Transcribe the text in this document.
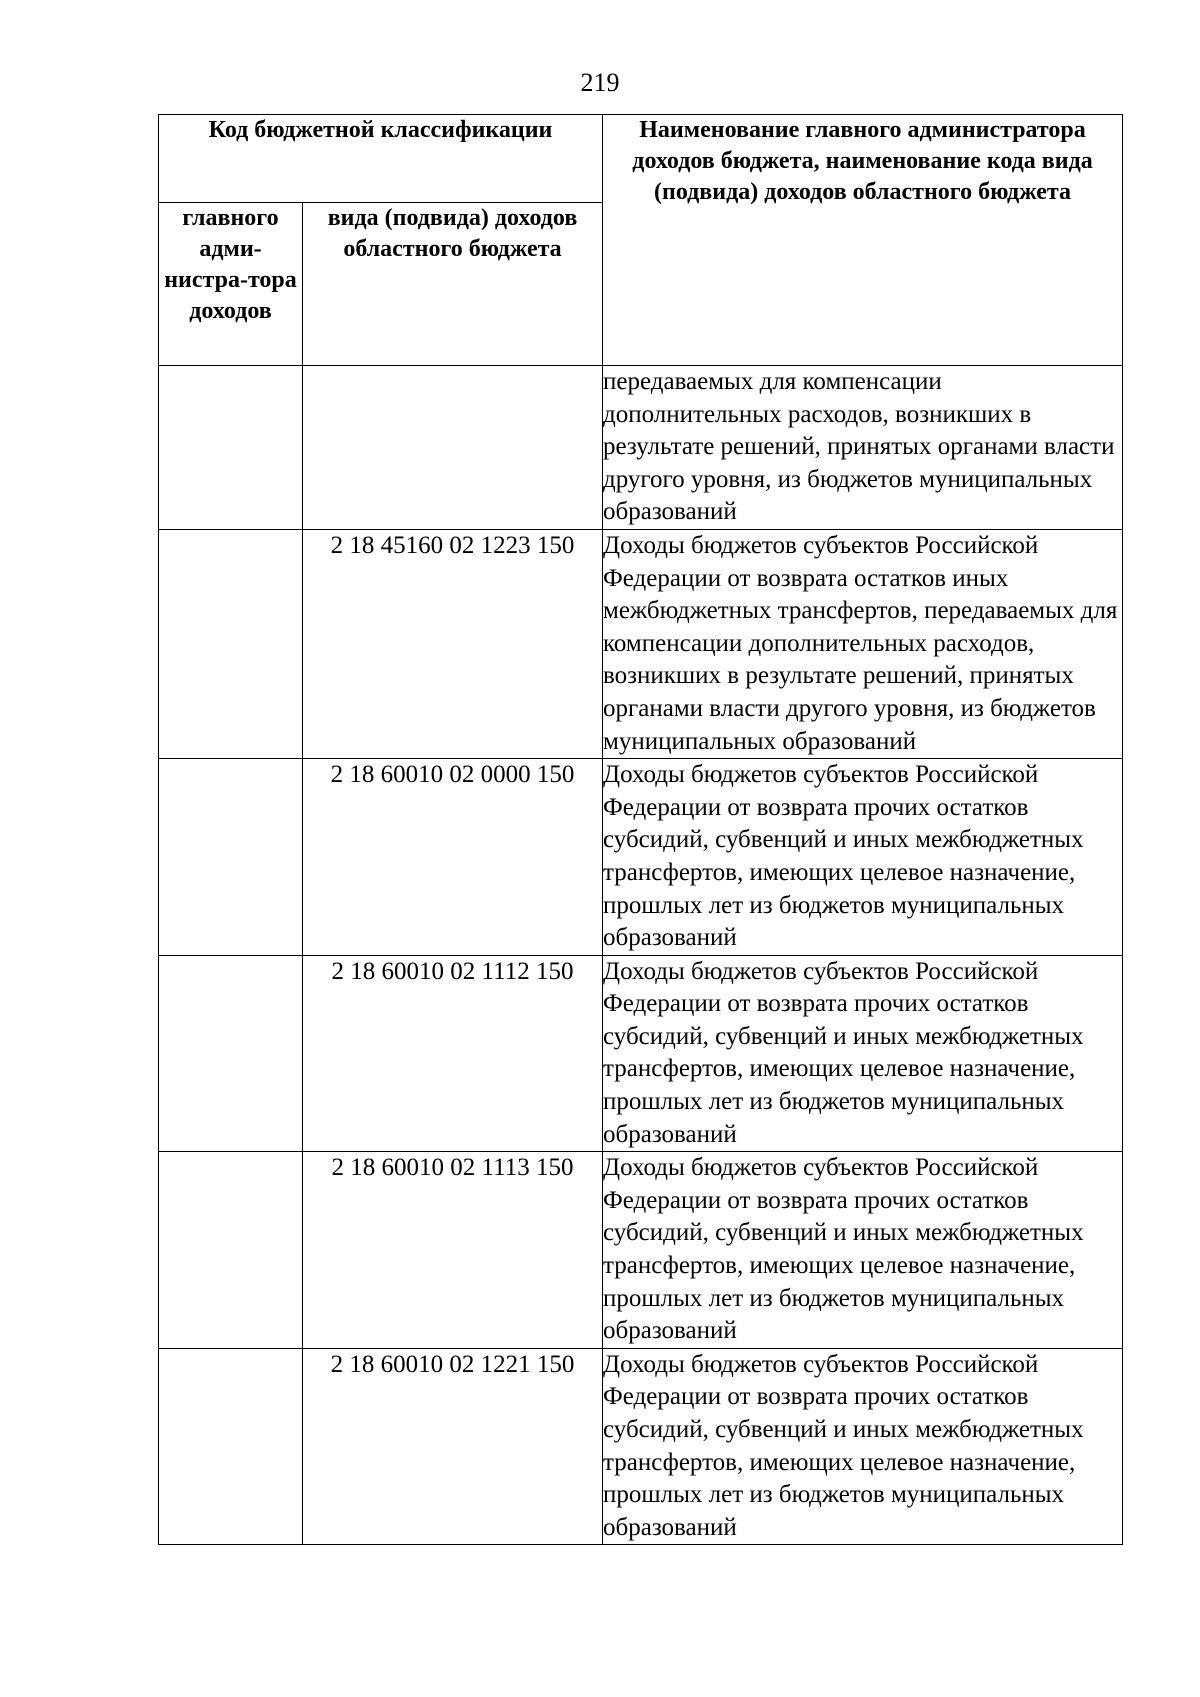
219
Код бюджетной классификации		Наименование главного администратора доходов бюджета, наименование кода вида (подвида) доходов областного бюджета
главного адми-нистра-тора доходов	вида (подвида) доходов областного бюджета	
		передаваемых для компенсации дополнительных расходов, возникших в результате решений, принятых органами власти другого уровня, из бюджетов муниципальных образований
	2 18 45160 02 1223 150	Доходы бюджетов субъектов Российской Федерации от возврата остатков иных межбюджетных трансфертов, передаваемых для компенсации дополнительных расходов, возникших в результате решений, принятых органами власти другого уровня, из бюджетов муниципальных образований
	2 18 60010 02 0000 150	Доходы бюджетов субъектов Российской Федерации от возврата прочих остатков субсидий, субвенций и иных межбюджетных трансфертов, имеющих целевое назначение, прошлых лет из бюджетов муниципальных образований
	2 18 60010 02 1112 150	Доходы бюджетов субъектов Российской Федерации от возврата прочих остатков субсидий, субвенций и иных межбюджетных трансфертов, имеющих целевое назначение, прошлых лет из бюджетов муниципальных образований
	2 18 60010 02 1113 150	Доходы бюджетов субъектов Российской Федерации от возврата прочих остатков субсидий, субвенций и иных межбюджетных трансфертов, имеющих целевое назначение, прошлых лет из бюджетов муниципальных образований
	2 18 60010 02 1221 150	Доходы бюджетов субъектов Российской Федерации от возврата прочих остатков субсидий, субвенций и иных межбюджетных трансфертов, имеющих целевое назначение, прошлых лет из бюджетов муниципальных образований
